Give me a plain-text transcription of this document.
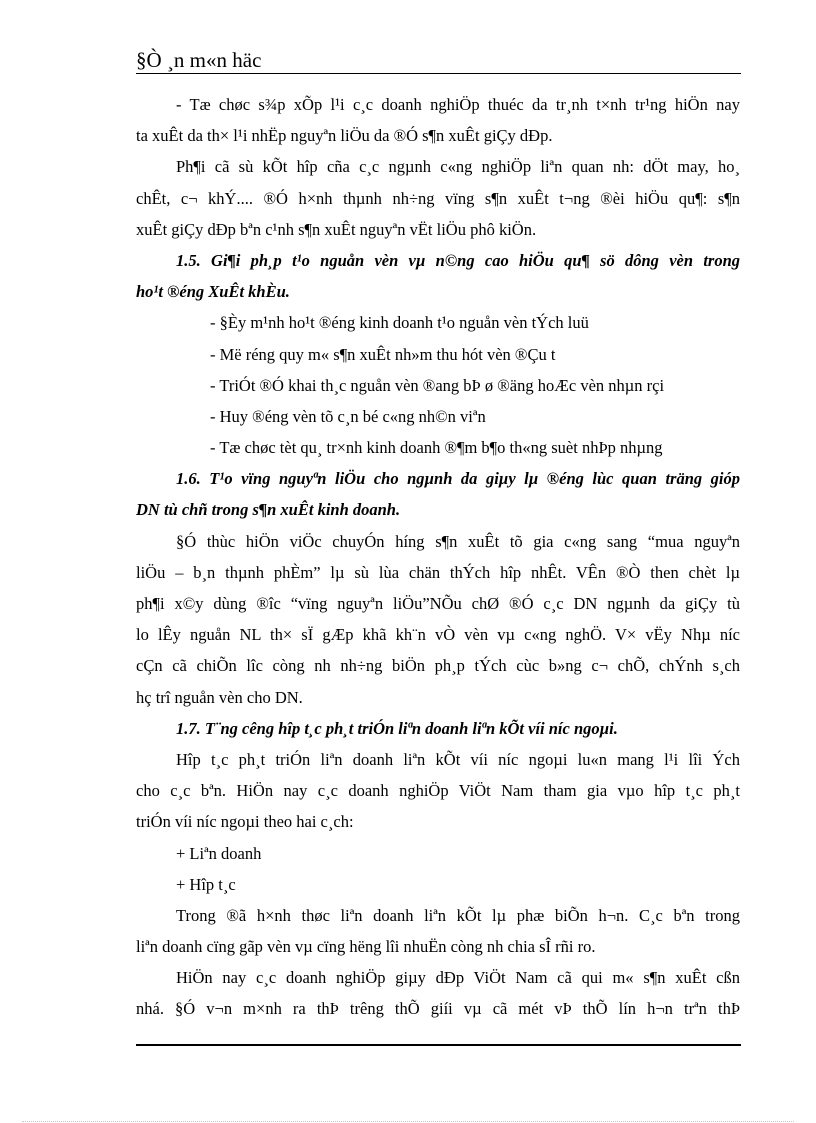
§Ò ¸n m«n häc
- Tæ chøc s¾p xÕp l¹i c¸c doanh nghiÖp thuéc da tr¸nh t×nh tr¹ng hiÖn nay
ta xuÊt da th× l¹i nhËp nguyªn liÖu da ®Ó s¶n xuÊt giÇy dÐp.
Ph¶i cã sù kÕt hîp cña c¸c ngµnh c«ng nghiÖp liªn quan nh: dÖt may, ho¸
chÊt, c¬ khÝ.... ®Ó h×nh thµnh nh÷ng vïng s¶n xuÊt t¬ng ®èi hiÖu qu¶: s¶n
xuÊt giÇy dÐp bªn c¹nh s¶n xuÊt nguyªn vËt liÖu phô kiÖn.
1.5. Gi¶i ph¸p t¹o nguån vèn vµ n©ng cao hiÖu qu¶ sö dông vèn trong
ho¹t ®éng XuÊt khÈu.
- §Èy m¹nh ho¹t ®éng kinh doanh t¹o nguån vèn tÝch luü
- Më réng quy m« s¶n xuÊt nh»m thu hót vèn ®Çu t
- TriÓt ®Ó khai th¸c nguån vèn ®ang bÞ ø ®äng hoÆc vèn nhµn rçi
- Huy ®éng vèn tõ c¸n bé c«ng nh©n viªn
- Tæ chøc tèt qu¸ tr×nh kinh doanh ®¶m b¶o th«ng suèt nhÞp nhµng
1.6. T¹o vïng nguyªn liÖu cho ngµnh da giµy lµ ®éng lùc quan träng gióp
DN tù chñ trong s¶n xuÊt kinh doanh.
§Ó thùc hiÖn viÖc chuyÓn híng s¶n xuÊt tõ gia c«ng sang “mua nguyªn
liÖu – b¸n thµnh phÈm” lµ sù lùa chän thÝch hîp nhÊt. VÊn ®Ò then chèt lµ
ph¶i x©y dùng ®îc “vïng nguyªn liÖu”NÕu chØ ®Ó c¸c DN ngµnh da giÇy tù
lo lÊy nguån NL th× sÏ gÆp khã kh¨n vÒ vèn vµ c«ng nghÖ. V× vËy Nhµ níc
cÇn cã chiÕn lîc còng nh nh÷ng biÖn ph¸p tÝch cùc b»ng c¬ chÕ, chÝnh s¸ch
hç trî nguån vèn cho DN.
1.7. T¨ng cêng hîp t¸c ph¸t triÓn liªn doanh liªn kÕt víi níc ngoµi.
Hîp t¸c ph¸t triÓn liªn doanh liªn kÕt víi níc ngoµi lu«n mang l¹i lîi Ých
cho c¸c bªn. HiÖn nay c¸c doanh nghiÖp ViÖt Nam tham gia vµo hîp t¸c ph¸t
triÓn víi níc ngoµi theo hai c¸ch:
+ Liªn doanh
+ Hîp t¸c
Trong ®ã h×nh thøc liªn doanh liªn kÕt lµ phæ biÕn h¬n. C¸c bªn trong
liªn doanh cïng gãp vèn vµ cïng hëng lîi nhuËn còng nh chia sÎ rñi ro.
HiÖn nay c¸c doanh nghiÖp giµy dÐp ViÖt Nam cã qui m« s¶n xuÊt cßn
nhá. §Ó v¬n m×nh ra thÞ trêng thÕ giíi vµ cã mét vÞ thÕ lín h¬n trªn thÞ
